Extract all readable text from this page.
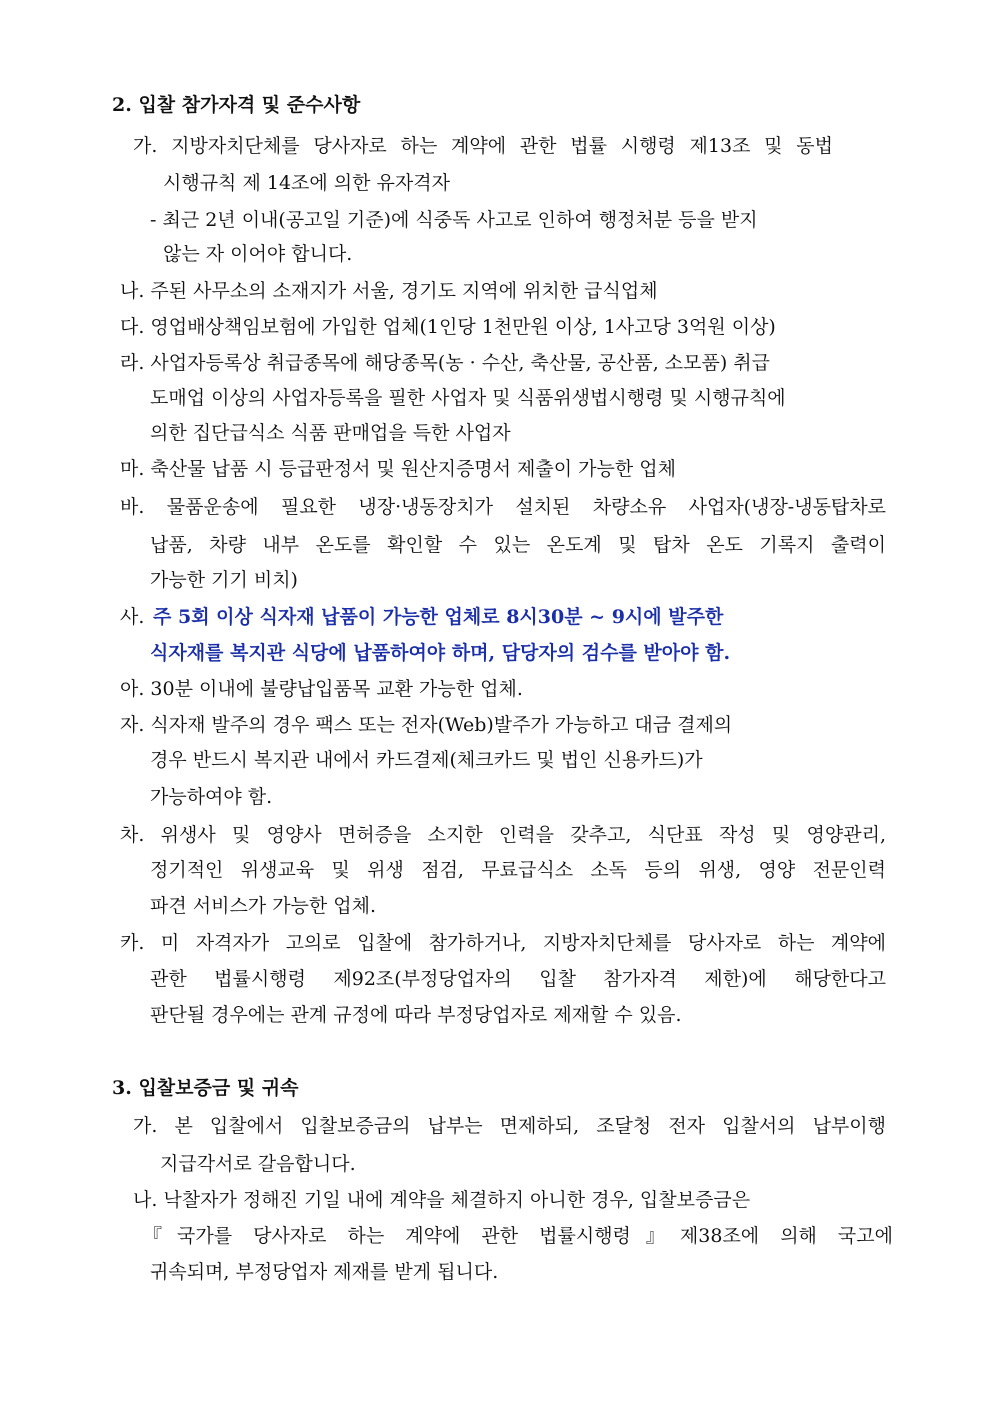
2. 입찰 참가자격 및 준수사항
가. 지방자치단체를 당사자로 하는 계약에 관한 법률 시행령 제13조 및 동법
시행규칙 제 14조에 의한 유자격자
- 최근 2년 이내(공고일 기준)에 식중독 사고로 인하여 행정처분 등을 받지
않는 자 이어야 합니다.
나. 주된 사무소의 소재지가 서울, 경기도 지역에 위치한 급식업체
다. 영업배상책임보험에 가입한 업체(1인당 1천만원 이상, 1사고당 3억원 이상)
라. 사업자등록상 취급종목에 해당종목(농 · 수산, 축산물, 공산품, 소모품) 취급
도매업 이상의 사업자등록을 필한 사업자 및 식품위생법시행령 및 시행규칙에
의한 집단급식소 식품 판매업을 득한 사업자
마. 축산물 납품 시 등급판정서 및 원산지증명서 제출이 가능한 업체
바. 물품운송에 필요한 냉장·냉동장치가 설치된 차량소유 사업자(냉장-냉동탑차로
납품, 차량 내부 온도를 확인할 수 있는 온도계 및 탑차 온도 기록지 출력이
가능한 기기 비치)
사. 주 5회 이상 식자재 납품이 가능한 업체로 8시30분 ~ 9시에 발주한
식자재를 복지관 식당에 납품하여야 하며, 담당자의 검수를 받아야 함.
아. 30분 이내에 불량납입품목 교환 가능한 업체.
자. 식자재 발주의 경우 팩스 또는 전자(Web)발주가 가능하고 대금 결제의
경우 반드시 복지관 내에서 카드결제(체크카드 및 법인 신용카드)가
가능하여야 함.
차. 위생사 및 영양사 면허증을 소지한 인력을 갖추고, 식단표 작성 및 영양관리,
정기적인 위생교육 및 위생 점검, 무료급식소 소독 등의 위생, 영양 전문인력
파견 서비스가 가능한 업체.
카. 미 자격자가 고의로 입찰에 참가하거나, 지방자치단체를 당사자로 하는 계약에
관한 법률시행령 제92조(부정당업자의 입찰 참가자격 제한)에 해당한다고
판단될 경우에는 관계 규정에 따라 부정당업자로 제재할 수 있음.
3. 입찰보증금 및 귀속
가. 본 입찰에서 입찰보증금의 납부는 면제하되, 조달청 전자 입찰서의 납부이행
지급각서로 갈음합니다.
나. 낙찰자가 정해진 기일 내에 계약을 체결하지 아니한 경우, 입찰보증금은
『국가를 당사자로 하는 계약에 관한 법률시행령』제38조에 의해 국고에
귀속되며, 부정당업자 제재를 받게 됩니다.
